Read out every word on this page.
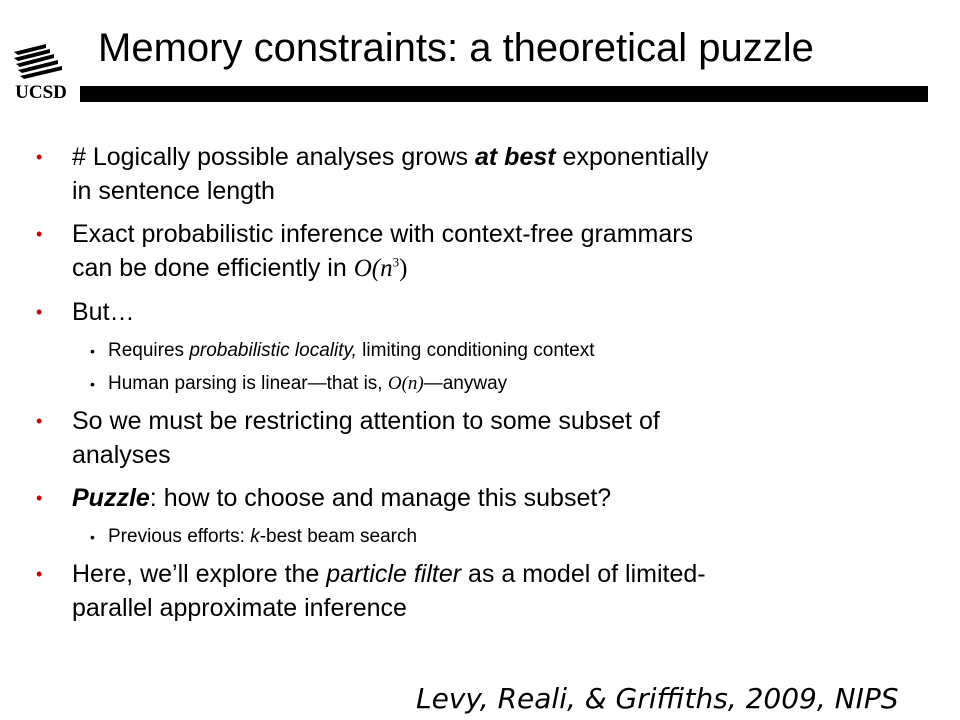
UCSD
Memory constraints: a theoretical puzzle
• # Logically possible analyses grows at best exponentially
in sentence length
• Exact probabilistic inference with context-free grammars
can be done efficiently in $O(n^3)$
• But…
• Requires probabilistic locality, limiting conditioning context
• Human parsing is linear—that is, O(n)—anyway
• So we must be restricting attention to some subset of
analyses
• Puzzle: how to choose and manage this subset?
• Previous efforts: k-best beam search
• Here, we’ll explore the particle filter as a model of limited-
parallel approximate inference
Levy, Reali, & Griffiths, 2009, NIPS
